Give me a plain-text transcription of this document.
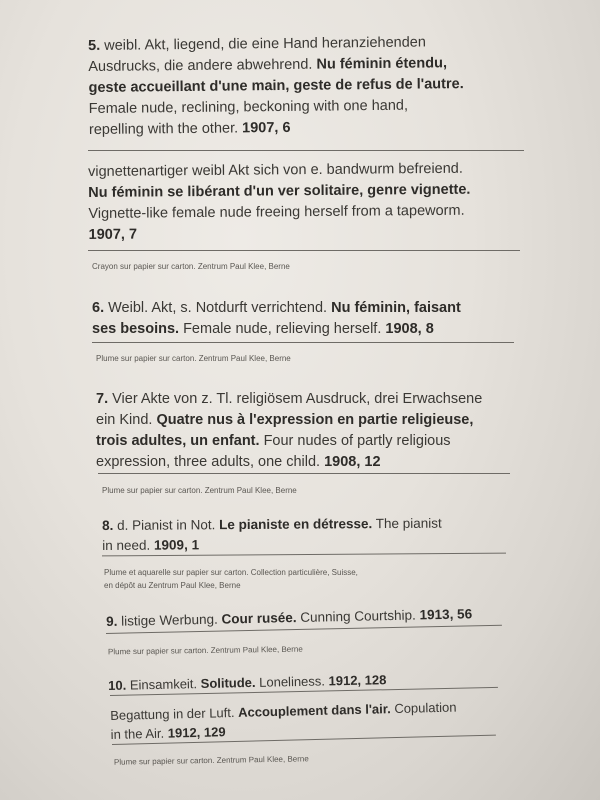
5. weibl. Akt, liegend, die eine Hand heranziehenden

Ausdrucks, die andere abwehrend. Nu féminin étendu,

geste accueillant d'une main, geste de refus de l'autre.

Female nude, reclining, beckoning with one hand,

repelling with the other. 1907, 6

vignettenartiger weibl Akt sich von e. bandwurm befreiend.

Nu féminin se libérant d'un ver solitaire, genre vignette.

Vignette-like female nude freeing herself from a tapeworm.

1907, 7

Crayon sur papier sur carton. Zentrum Paul Klee, Berne

6. Weibl. Akt, s. Notdurft verrichtend. Nu féminin, faisant

ses besoins. Female nude, relieving herself. 1908, 8

Plume sur papier sur carton. Zentrum Paul Klee, Berne

7. Vier Akte von z. Tl. religiösem Ausdruck, drei Erwachsene

ein Kind. Quatre nus à l'expression en partie religieuse,

trois adultes, un enfant. Four nudes of partly religious

expression, three adults, one child. 1908, 12

Plume sur papier sur carton. Zentrum Paul Klee, Berne

8. d. Pianist in Not. Le pianiste en détresse. The pianist

in need. 1909, 1

Plume et aquarelle sur papier sur carton. Collection particulière, Suisse,
en dépôt au Zentrum Paul Klee, Berne

9. listige Werbung. Cour rusée. Cunning Courtship. 1913, 56

Plume sur papier sur carton. Zentrum Paul Klee, Berne

10. Einsamkeit. Solitude. Loneliness. 1912, 128

Begattung in der Luft. Accouplement dans l'air. Copulation

in the Air. 1912, 129

Plume sur papier sur carton. Zentrum Paul Klee, Berne
